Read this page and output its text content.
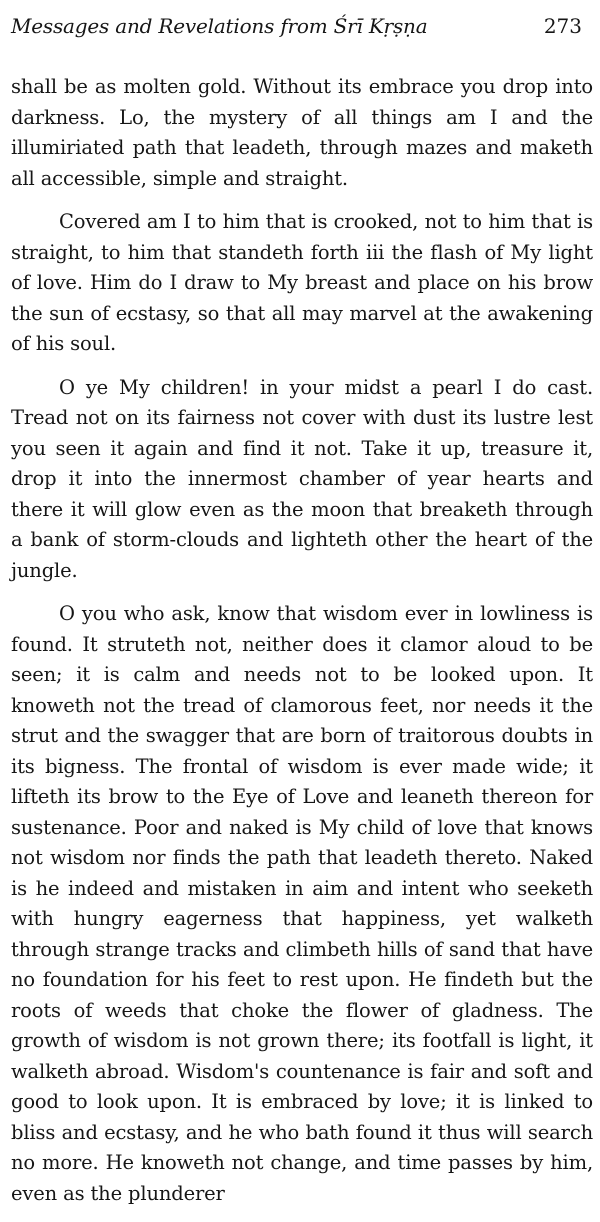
Messages and Revelations from Śrī Kṛṣṇa	273

shall be as molten gold. Without its embrace you drop into darkness. Lo, the mystery of all things am I and the illumiriated path that leadeth, through mazes and maketh all accessible, simple and straight.

Covered am I to him that is crooked, not to him that is straight, to him that standeth forth iii the flash of My light of love. Him do I draw to My breast and place on his brow the sun of ecstasy, so that all may marvel at the awakening of his soul.

O ye My children! in your midst a pearl I do cast. Tread not on its fairness not cover with dust its lustre lest you seen it again and find it not. Take it up, treasure it, drop it into the innermost chamber of year hearts and there it will glow even as the moon that breaketh through a bank of storm-clouds and lighteth other the heart of the jungle.

O you who ask, know that wisdom ever in lowliness is found. It struteth not, neither does it clamor aloud to be seen; it is calm and needs not to be looked upon. It knoweth not the tread of clamorous feet, nor needs it the strut and the swagger that are born of traitorous doubts in its bigness. The frontal of wisdom is ever made wide; it lifteth its brow to the Eye of Love and leaneth thereon for sustenance. Poor and naked is My child of love that knows not wisdom nor finds the path that leadeth thereto. Naked is he indeed and mistaken in aim and intent who seeketh with hungry eagerness that happiness, yet walketh through strange tracks and climbeth hills of sand that have no foundation for his feet to rest upon. He findeth but the roots of weeds that choke the flower of gladness. The growth of wisdom is not grown there; its footfall is light, it walketh abroad. Wisdom's countenance is fair and soft and good to look upon. It is embraced by love; it is linked to bliss and ecstasy, and he who bath found it thus will search no more. He knoweth not change, and time passes by him, even as the plunderer
